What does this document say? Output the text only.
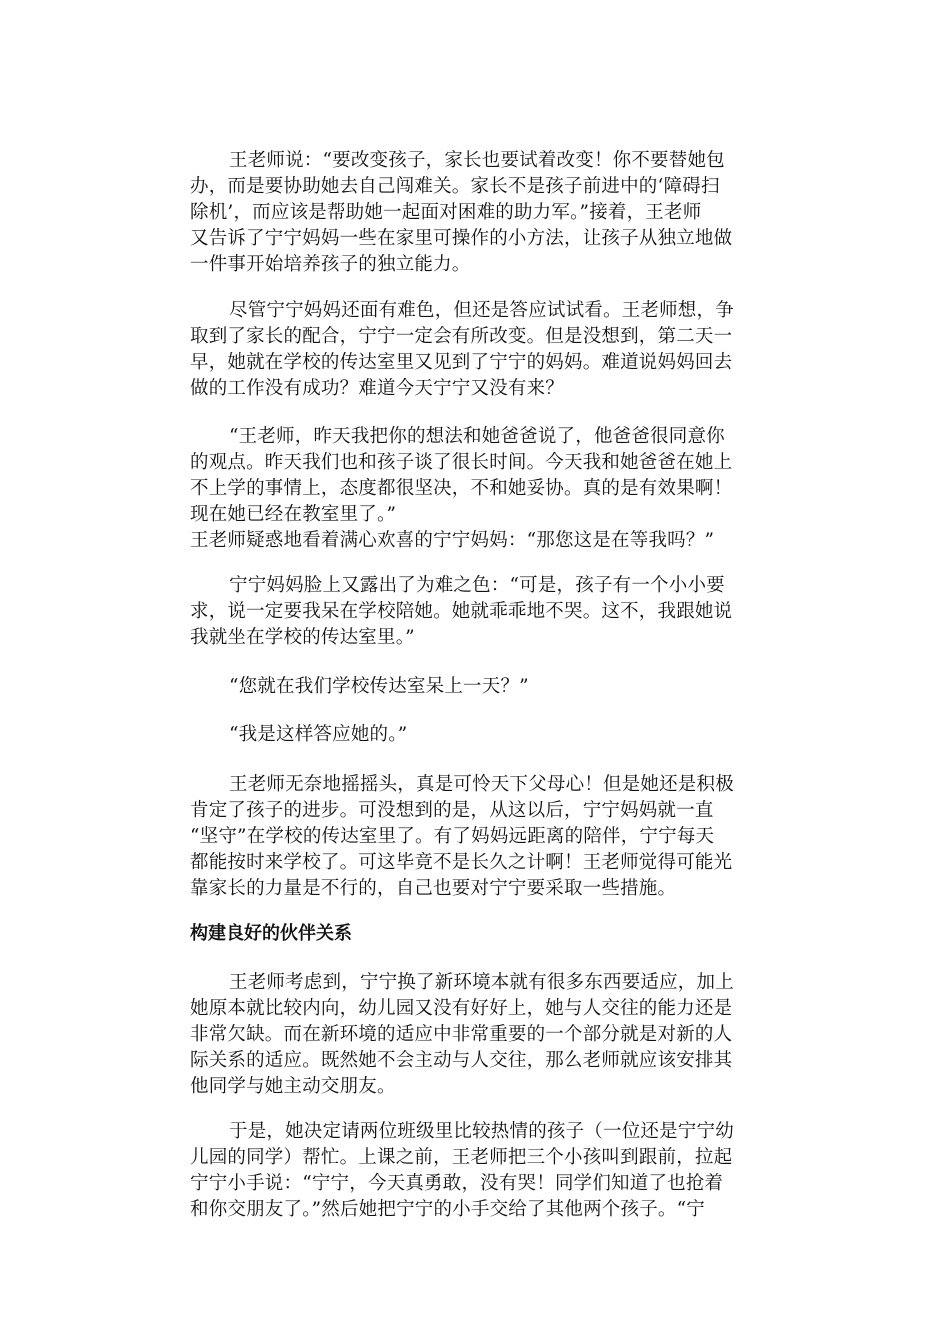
王老师说：“要改变孩子，家长也要试着改变！你不要替她包
办，而是要协助她去自己闯难关。家长不是孩子前进中的‘障碍扫
除机’，而应该是帮助她一起面对困难的助力军。”接着，王老师
又告诉了宁宁妈妈一些在家里可操作的小方法，让孩子从独立地做
一件事开始培养孩子的独立能力。
尽管宁宁妈妈还面有难色，但还是答应试试看。王老师想，争
取到了家长的配合，宁宁一定会有所改变。但是没想到，第二天一
早，她就在学校的传达室里又见到了宁宁的妈妈。难道说妈妈回去
做的工作没有成功？难道今天宁宁又没有来？
“王老师，昨天我把你的想法和她爸爸说了，他爸爸很同意你
的观点。昨天我们也和孩子谈了很长时间。今天我和她爸爸在她上
不上学的事情上，态度都很坚决，不和她妥协。真的是有效果啊！
现在她已经在教室里了。”
王老师疑惑地看着满心欢喜的宁宁妈妈：“那您这是在等我吗？”
宁宁妈妈脸上又露出了为难之色：“可是，孩子有一个小小要
求，说一定要我呆在学校陪她。她就乖乖地不哭。这不，我跟她说
我就坐在学校的传达室里。”
“您就在我们学校传达室呆上一天？”
“我是这样答应她的。”
王老师无奈地摇摇头，真是可怜天下父母心！但是她还是积极
肯定了孩子的进步。可没想到的是，从这以后，宁宁妈妈就一直
“坚守”在学校的传达室里了。有了妈妈远距离的陪伴，宁宁每天
都能按时来学校了。可这毕竟不是长久之计啊！王老师觉得可能光
靠家长的力量是不行的，自己也要对宁宁要采取一些措施。
构建良好的伙伴关系
王老师考虑到，宁宁换了新环境本就有很多东西要适应，加上
她原本就比较内向，幼儿园又没有好好上，她与人交往的能力还是
非常欠缺。而在新环境的适应中非常重要的一个部分就是对新的人
际关系的适应。既然她不会主动与人交往，那么老师就应该安排其
他同学与她主动交朋友。
于是，她决定请两位班级里比较热情的孩子（一位还是宁宁幼
儿园的同学）帮忙。上课之前，王老师把三个小孩叫到跟前，拉起
宁宁小手说：“宁宁，今天真勇敢，没有哭！同学们知道了也抢着
和你交朋友了。”然后她把宁宁的小手交给了其他两个孩子。“宁
